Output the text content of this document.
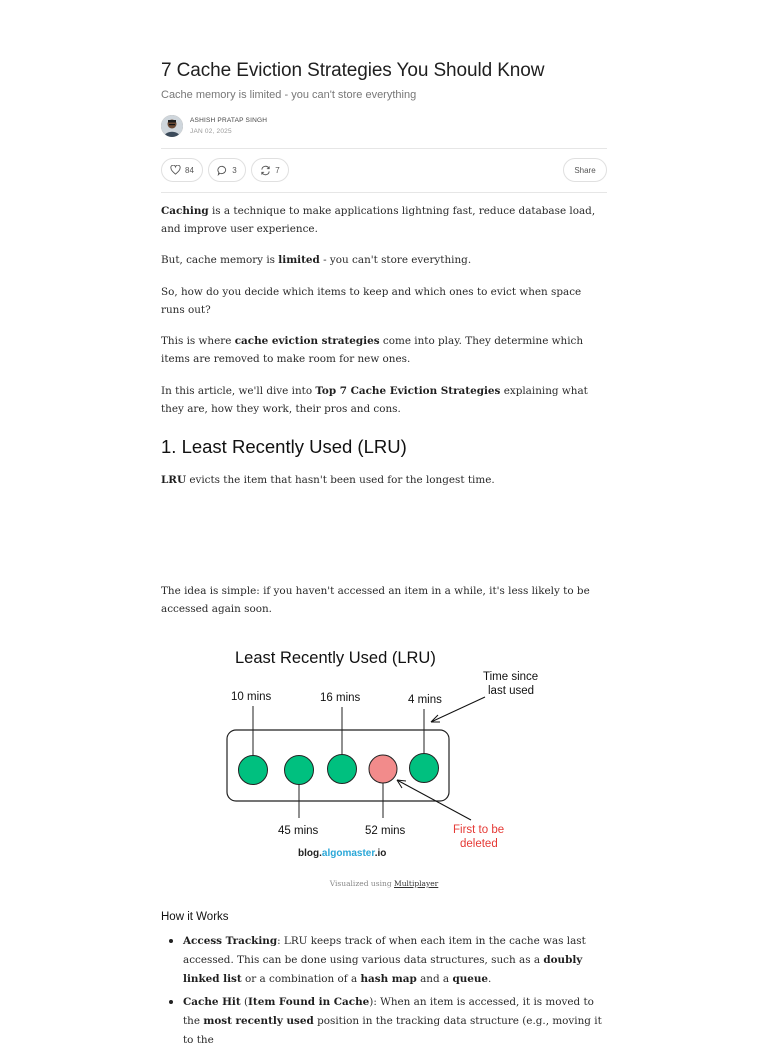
7 Cache Eviction Strategies You Should Know
Cache memory is limited - you can't store everything
ASHISH PRATAP SINGH
JAN 02, 2025
84	3	7	Share

Caching is a technique to make applications lightning fast, reduce database load, and improve user experience.

But, cache memory is limited - you can't store everything.

So, how do you decide which items to keep and which ones to evict when space runs out?

This is where cache eviction strategies come into play. They determine which items are removed to make room for new ones.

In this article, we'll dive into Top 7 Cache Eviction Strategies explaining what they are, how they work, their pros and cons.

1. Least Recently Used (LRU)

LRU evicts the item that hasn't been used for the longest time.

The idea is simple: if you haven't accessed an item in a while, it's less likely to be accessed again soon.

Least Recently Used (LRU)
10 mins	16 mins	4 mins
Time since
last used
45 mins	52 mins	First to be
deleted
blog.algomaster.io
Visualized using Multiplayer
How it Works
Access Tracking: LRU keeps track of when each item in the cache was last accessed. This can be done using various data structures, such as a doubly linked list or a combination of a hash map and a queue.
Cache Hit (Item Found in Cache): When an item is accessed, it is moved to the most recently used position in the tracking data structure (e.g., moving it to the
